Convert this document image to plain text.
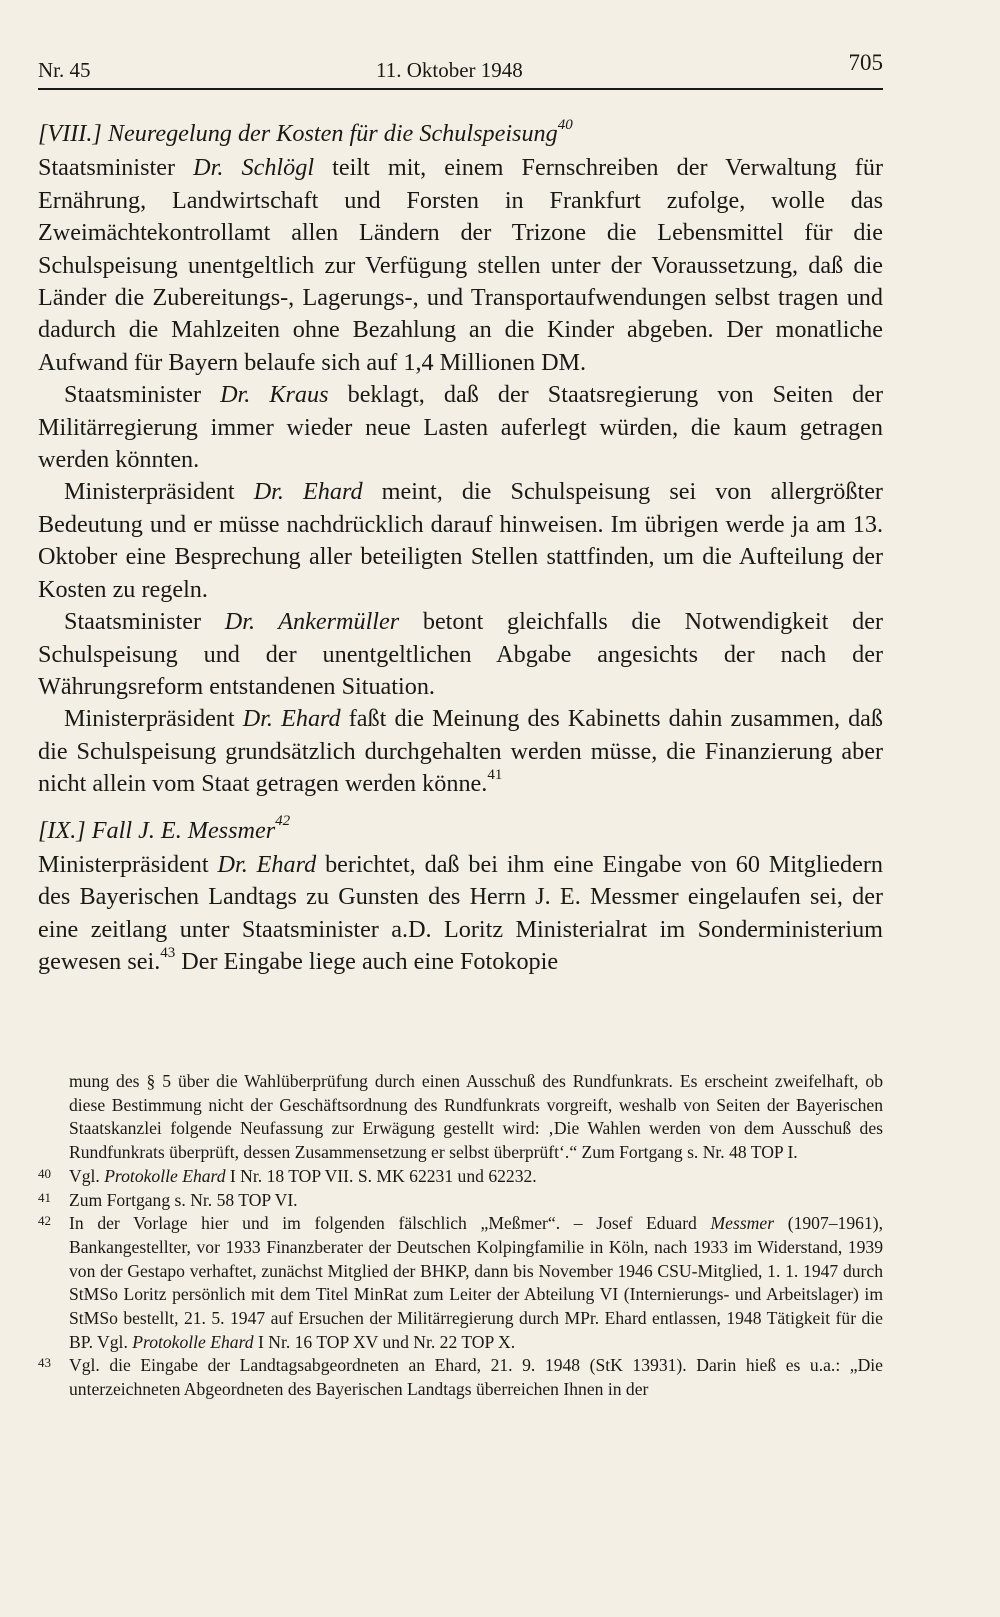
Nr. 45	11. Oktober 1948	705
[VIII.] Neuregelung der Kosten für die Schulspeisung$^{40}$

Staatsminister Dr. Schlögl teilt mit, einem Fernschreiben der Verwaltung für Ernährung, Landwirtschaft und Forsten in Frankfurt zufolge, wolle das Zweimächtekontrollamt allen Ländern der Trizone die Lebensmittel für die Schulspeisung unentgeltlich zur Verfügung stellen unter der Voraussetzung, daß die Länder die Zubereitungs-, Lagerungs-, und Transportaufwendungen selbst tragen und dadurch die Mahlzeiten ohne Bezahlung an die Kinder abgeben. Der monatliche Aufwand für Bayern belaufe sich auf 1,4 Millionen DM.

Staatsminister Dr. Kraus beklagt, daß der Staatsregierung von Seiten der Militärregierung immer wieder neue Lasten auferlegt würden, die kaum getragen werden könnten.

Ministerpräsident Dr. Ehard meint, die Schulspeisung sei von allergrößter Bedeutung und er müsse nachdrücklich darauf hinweisen. Im übrigen werde ja am 13. Oktober eine Besprechung aller beteiligten Stellen stattfinden, um die Aufteilung der Kosten zu regeln.

Staatsminister Dr. Ankermüller betont gleichfalls die Notwendigkeit der Schulspeisung und der unentgeltlichen Abgabe angesichts der nach der Währungsreform entstandenen Situation.

Ministerpräsident Dr. Ehard faßt die Meinung des Kabinetts dahin zusammen, daß die Schulspeisung grundsätzlich durchgehalten werden müsse, die Finanzierung aber nicht allein vom Staat getragen werden könne.$^{41}$

[IX.] Fall J. E. Messmer$^{42}$

Ministerpräsident Dr. Ehard berichtet, daß bei ihm eine Eingabe von 60 Mitgliedern des Bayerischen Landtags zu Gunsten des Herrn J. E. Messmer eingelaufen sei, der eine zeitlang unter Staatsminister a.D. Loritz Ministerialrat im Sonderministerium gewesen sei.$^{43}$ Der Eingabe liege auch eine Fotokopie

mung des § 5 über die Wahlüberprüfung durch einen Ausschuß des Rundfunkrats. Es erscheint zweifelhaft, ob diese Bestimmung nicht der Geschäftsordnung des Rundfunkrats vorgreift, weshalb von Seiten der Bayerischen Staatskanzlei folgende Neufassung zur Erwägung gestellt wird: ‚Die Wahlen werden von dem Ausschuß des Rundfunkrats überprüft, dessen Zusammensetzung er selbst überprüft‘.“ Zum Fortgang s. Nr. 48 TOP I.
40 Vgl. Protokolle Ehard I Nr. 18 TOP VII. S. MK 62231 und 62232.
41 Zum Fortgang s. Nr. 58 TOP VI.
42 In der Vorlage hier und im folgenden fälschlich „Meßmer“. – Josef Eduard Messmer (1907–1961), Bankangestellter, vor 1933 Finanzberater der Deutschen Kolpingfamilie in Köln, nach 1933 im Widerstand, 1939 von der Gestapo verhaftet, zunächst Mitglied der BHKP, dann bis November 1946 CSU-Mitglied, 1. 1. 1947 durch StMSo Loritz persönlich mit dem Titel MinRat zum Leiter der Abteilung VI (Internierungs- und Arbeitslager) im StMSo bestellt, 21. 5. 1947 auf Ersuchen der Militärregierung durch MPr. Ehard entlassen, 1948 Tätigkeit für die BP. Vgl. Protokolle Ehard I Nr. 16 TOP XV und Nr. 22 TOP X.
43 Vgl. die Eingabe der Landtagsabgeordneten an Ehard, 21. 9. 1948 (StK 13931). Darin hieß es u.a.: „Die unterzeichneten Abgeordneten des Bayerischen Landtags überreichen Ihnen in der
